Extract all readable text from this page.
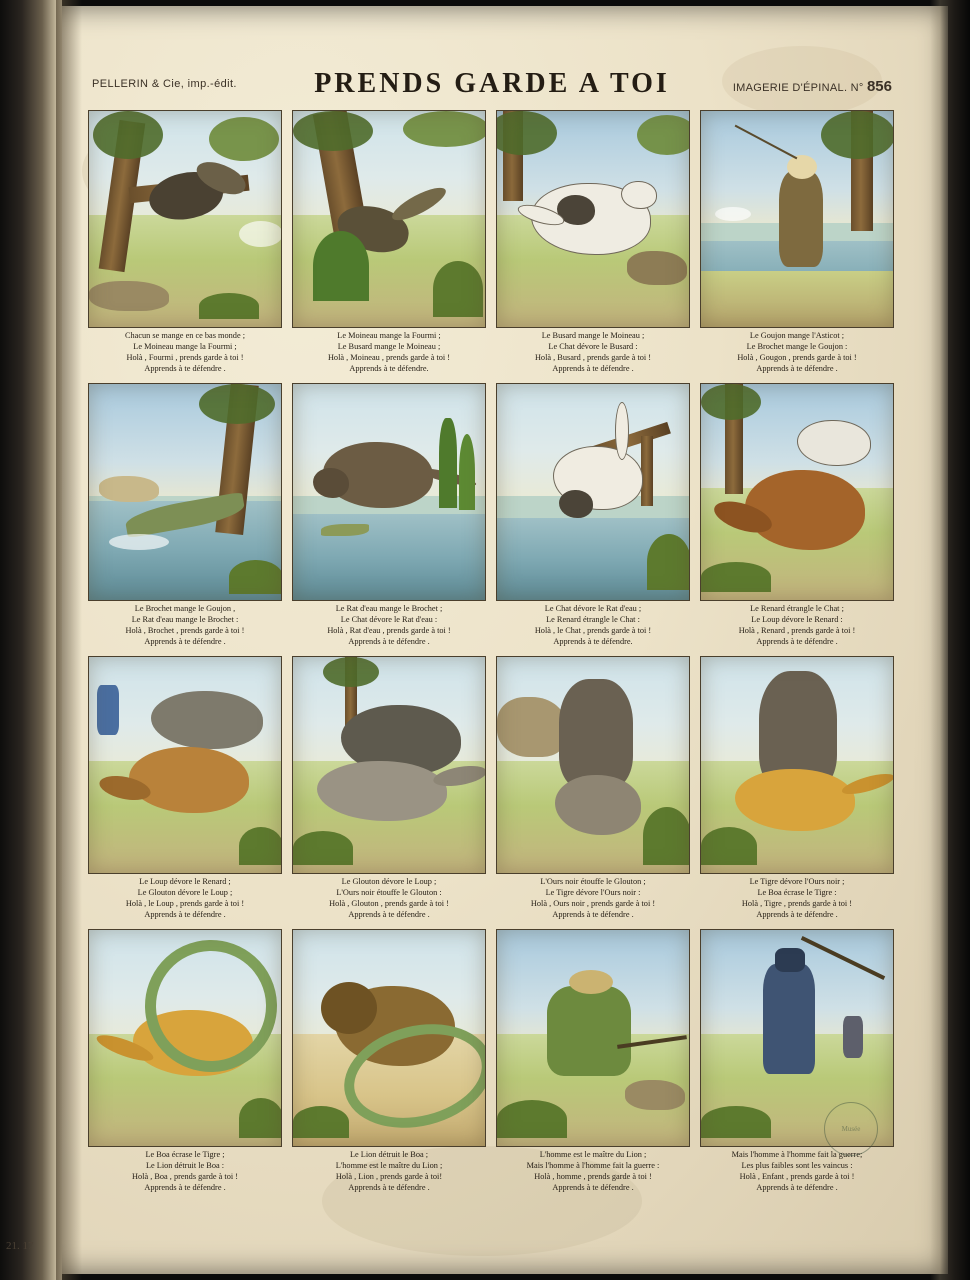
PELLERIN & Cie, imp.-édit.	PRENDS GARDE A TOI	IMAGERIE D'ÉPINAL. N° 856
Chacun se mange en ce bas monde ;
Le Moineau mange la Fourmi ;
Holà , Fourmi , prends garde à toi !
Apprends à te défendre .
Le Moineau mange la Fourmi ;
Le Busard mange le Moineau ;
Holà , Moineau , prends garde à toi !
Apprends à te défendre.
Le Busard mange le Moineau ;
Le Chat dévore le Busard :
Holà , Busard , prends garde à toi !
Apprends à te défendre .
Le Goujon mange l'Asticot ;
Le Brochet mange le Goujon :
Holà , Gougon , prends garde à toi !
Apprends à te défendre .
Le Brochet mange le Goujon ,
Le Rat d'eau mange le Brochet :
Holà , Brochet , prends garde à toi !
Apprends à te défendre .
Le Rat d'eau mange le Brochet ;
Le Chat dévore le Rat d'eau :
Holà , Rat d'eau , prends garde à toi !
Apprends à te défendre .
Le Chat dévore le Rat d'eau ;
Le Renard étrangle le Chat :
Holà , le Chat , prends garde à toi !
Apprends à te défendre.
Le Renard étrangle le Chat ;
Le Loup dévore le Renard :
Holà , Renard , prends garde à toi !
Apprends à te défendre .
Le Loup dévore le Renard ;
Le Glouton dévore le Loup ;
Holà , le Loup , prends garde à toi !
Apprends à te défendre .
Le Glouton dévore le Loup ;
L'Ours noir étouffe le Glouton :
Holà , Glouton , prends garde à toi !
Apprends à te défendre .
L'Ours noir étouffe le Glouton ;
Le Tigre dévore l'Ours noir :
Holà , Ours noir , prends garde à toi !
Apprends à te défendre .
Le Tigre dévore l'Ours noir ;
Le Boa écrase le Tigre :
Holà , Tigre , prends garde à toi !
Apprends à te défendre .
Le Boa écrase le Tigre ;
Le Lion détruit le Boa :
Holà , Boa , prends garde à toi !
Apprends à te défendre .
Le Lion détruit le Boa ;
L'homme est le maître du Lion ;
Holà , Lion , prends garde à toi!
Apprends à te défendre .
L'homme est le maître du Lion ;
Mais l'homme à l'homme fait la guerre :
Holà , homme , prends garde à toi !
Apprends à te défendre .
Mais l'homme à l'homme fait la guerre;
Les plus faibles sont les vaincus :
Holà , Enfant , prends garde à toi !
Apprends à te défendre .
Musée
21. 17
